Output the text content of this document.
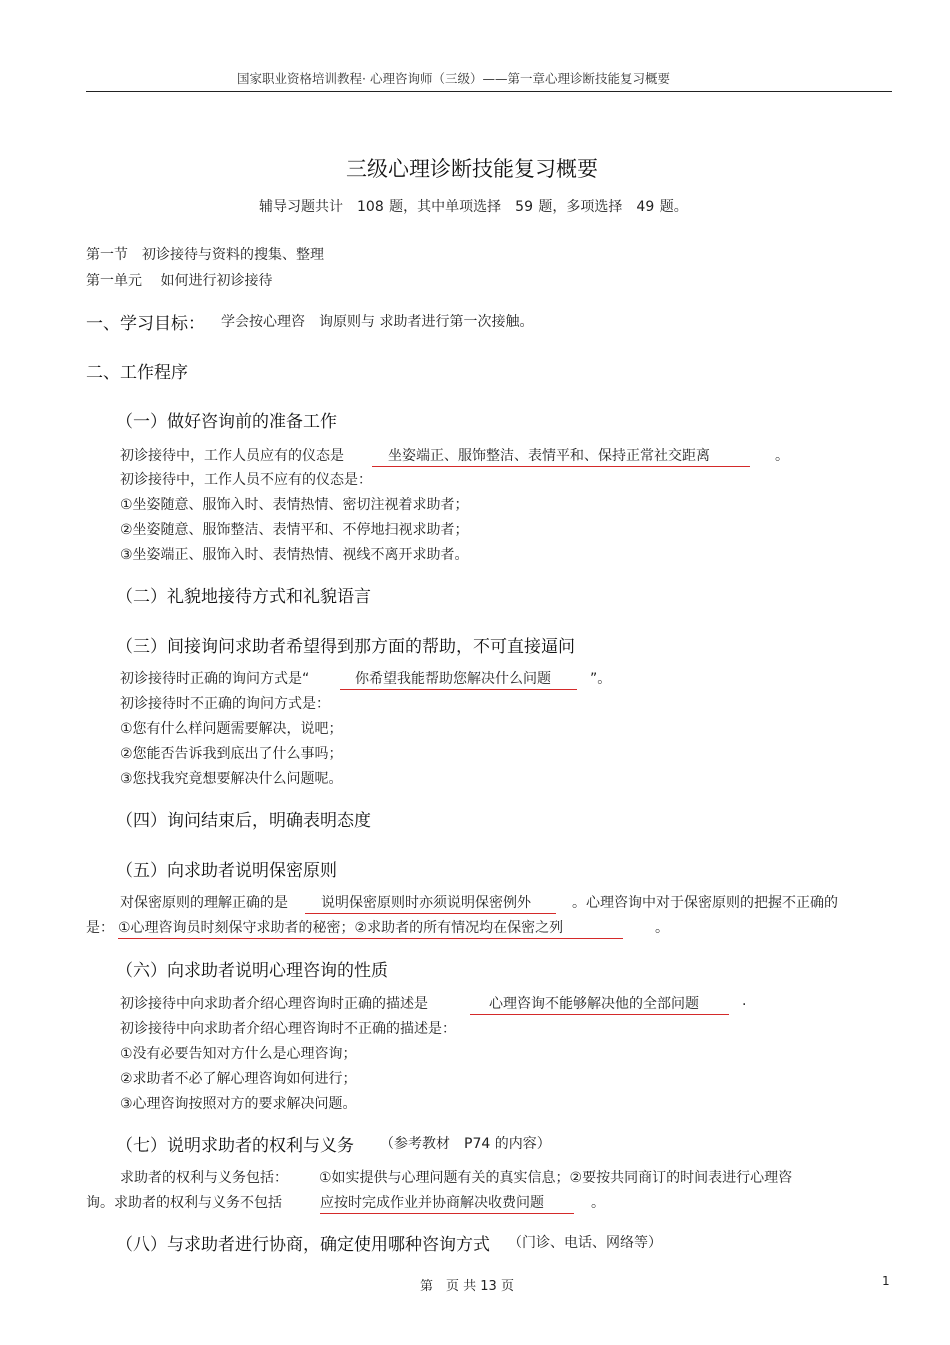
国家职业资格培训教程· 心理咨询师（三级）——第一章心理诊断技能复习概要
三级心理诊断技能复习概要
辅导习题共计　108 题，其中单项选择　59 题，多项选择　49 题。
第一节　初诊接待与资料的搜集、整理
第一单元　 如何进行初诊接待
一、学习目标： 学会按心理咨　询原则与 求助者进行第一次接触。
二、工作程序
（一）做好咨询前的准备工作
初诊接待中，工作人员应有的仪态是	坐姿端正、服饰整洁、表情平和、保持正常社交距离	。
初诊接待中，工作人员不应有的仪态是：
①坐姿随意、服饰入时、表情热情、密切注视着求助者；
②坐姿随意、服饰整洁、表情平和、不停地扫视求助者；
③坐姿端正、服饰入时、表情热情、视线不离开求助者。
（二）礼貌地接待方式和礼貌语言
（三）间接询问求助者希望得到那方面的帮助，不可直接逼问
初诊接待时正确的询问方式是“	你希望我能帮助您解决什么问题	”。
初诊接待时不正确的询问方式是：
①您有什么样问题需要解决，说吧；
②您能否告诉我到底出了什么事吗；
③您找我究竟想要解决什么问题呢。
（四）询问结束后，明确表明态度
（五）向求助者说明保密原则
对保密原则的理解正确的是	说明保密原则时亦须说明保密例外	。心理咨询中对于保密原则的把握不正确的
是： ①心理咨询员时刻保守求助者的秘密；②求助者的所有情况均在保密之列	。
（六）向求助者说明心理咨询的性质
初诊接待中向求助者介绍心理咨询时正确的描述是	心理咨询不能够解决他的全部问题	.
初诊接待中向求助者介绍心理咨询时不正确的描述是：
①没有必要告知对方什么是心理咨询；
②求助者不必了解心理咨询如何进行；
③心理咨询按照对方的要求解决问题。
（七）说明求助者的权利与义务 （参考教材　P74 的内容）
求助者的权利与义务包括： ①如实提供与心理问题有关的真实信息；②要按共同商订的时间表进行心理咨
询。求助者的权利与义务不包括	应按时完成作业并协商解决收费问题	。
（八）与求助者进行协商，确定使用哪种咨询方式 （门诊、电话、网络等）
第　页 共 13 页	1
